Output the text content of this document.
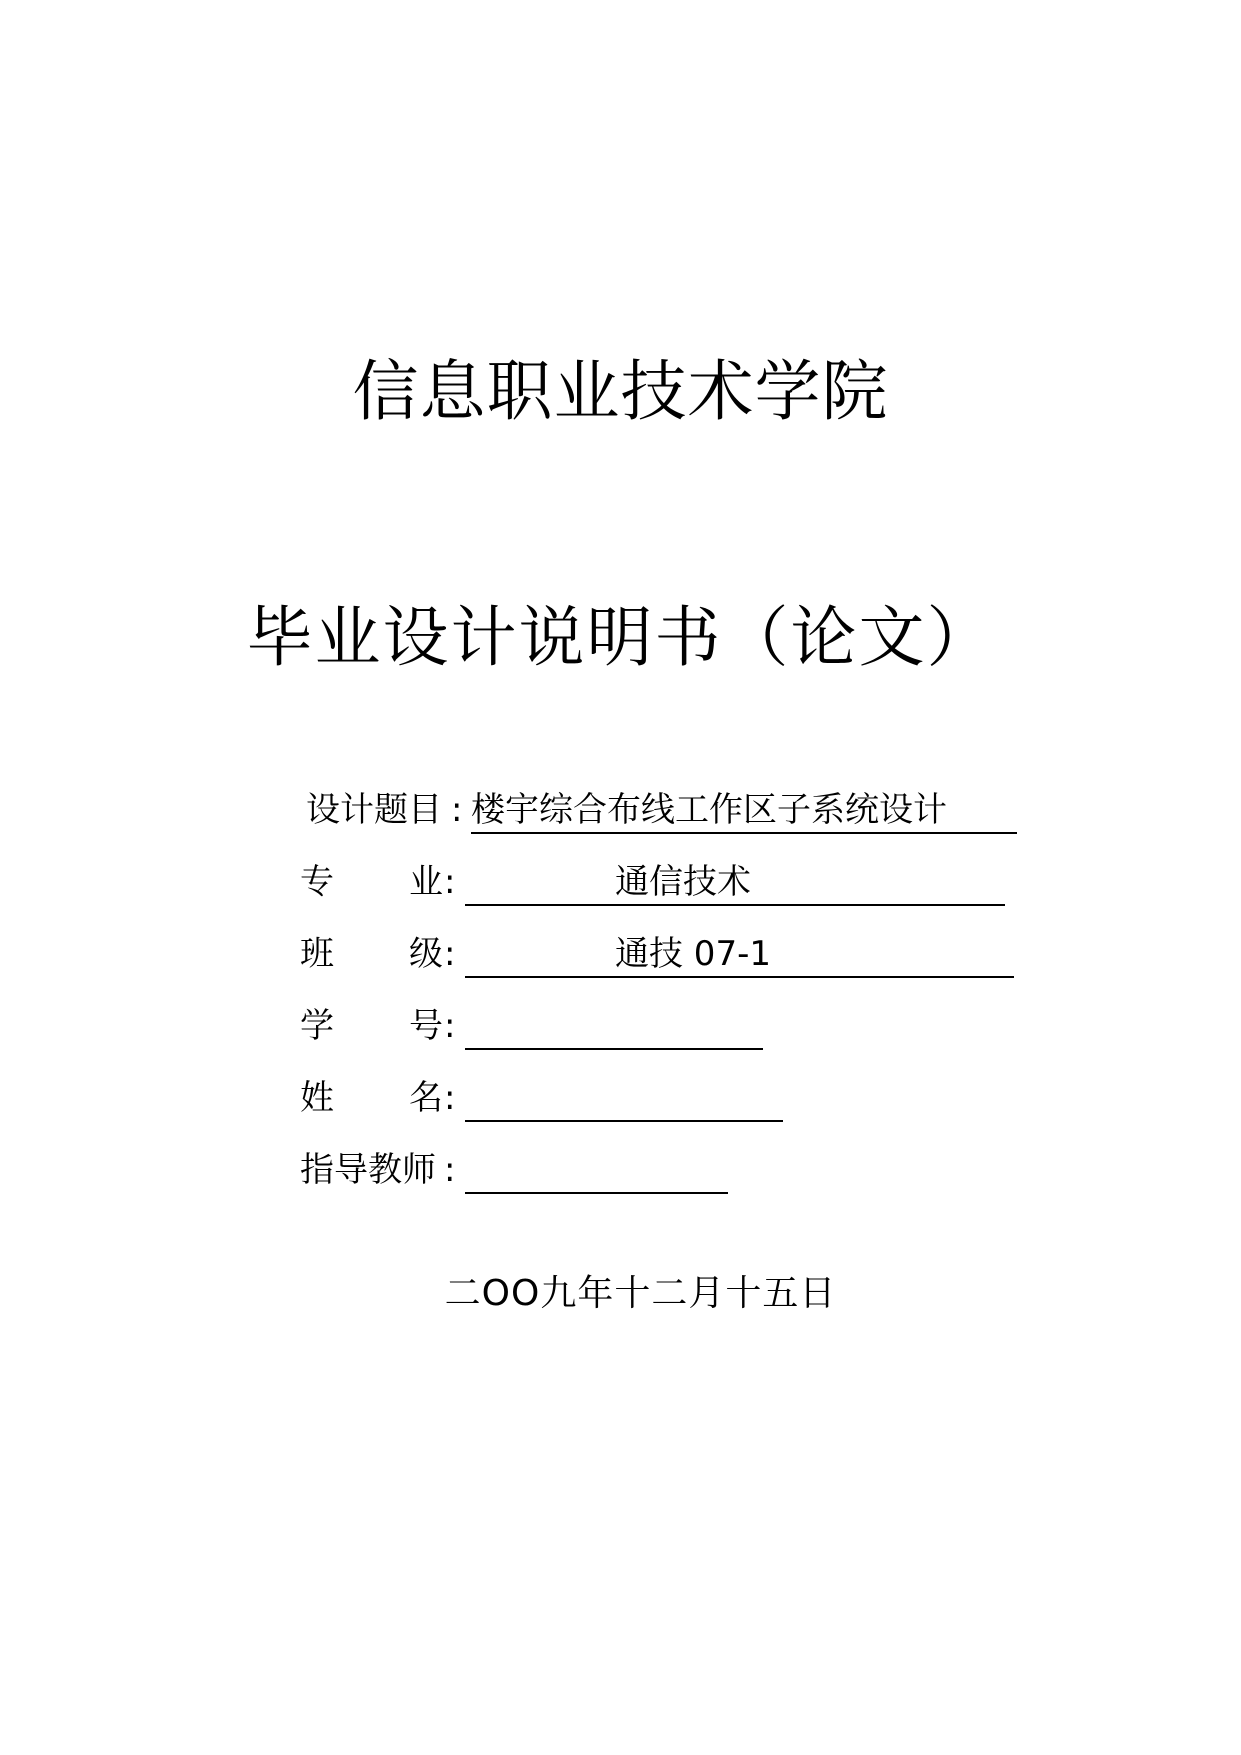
信息职业技术学院
毕业设计说明书（论文）
设计题目 : 楼宇综合布线工作区子系统设计
专 业 :	通信技术
班 级 :	通技 07-1
学 号 :
姓 名 :
指导教师 :
二OO九年十二月十五日
